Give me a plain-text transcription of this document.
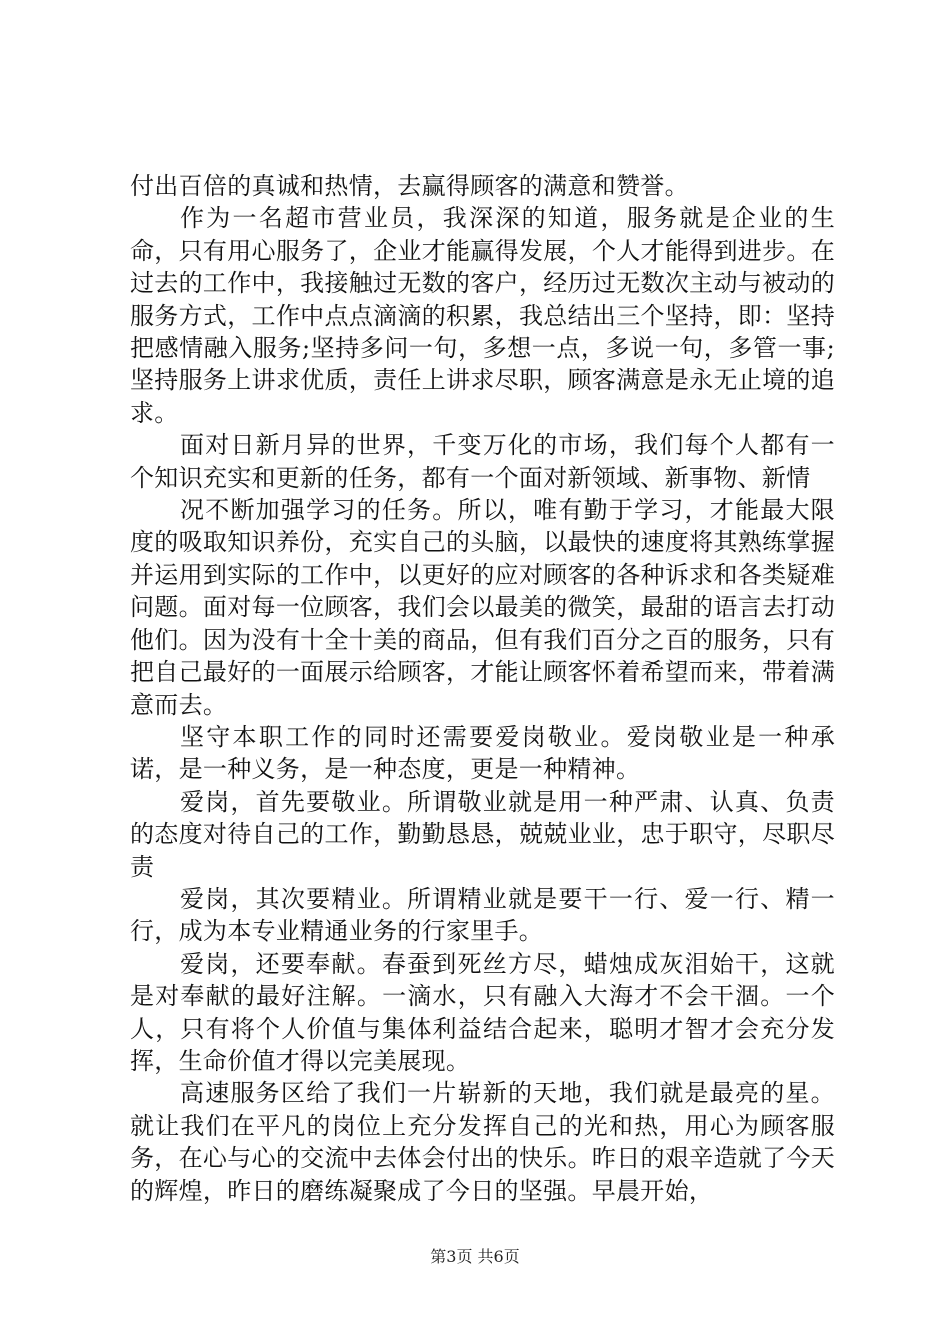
付出百倍的真诚和热情，去赢得顾客的满意和赞誉。

作为一名超市营业员，我深深的知道，服务就是企业的生命，只有用心服务了，企业才能赢得发展，个人才能得到进步。在过去的工作中，我接触过无数的客户，经历过无数次主动与被动的服务方式，工作中点点滴滴的积累，我总结出三个坚持，即：坚持把感情融入服务;坚持多问一句，多想一点，多说一句，多管一事;坚持服务上讲求优质，责任上讲求尽职，顾客满意是永无止境的追求。

面对日新月异的世界，千变万化的市场，我们每个人都有一个知识充实和更新的任务，都有一个面对新领域、新事物、新情

况不断加强学习的任务。所以，唯有勤于学习，才能最大限度的吸取知识养份，充实自己的头脑，以最快的速度将其熟练掌握并运用到实际的工作中，以更好的应对顾客的各种诉求和各类疑难问题。面对每一位顾客，我们会以最美的微笑，最甜的语言去打动他们。因为没有十全十美的商品，但有我们百分之百的服务，只有把自己最好的一面展示给顾客，才能让顾客怀着希望而来，带着满意而去。

坚守本职工作的同时还需要爱岗敬业。爱岗敬业是一种承诺，是一种义务，是一种态度，更是一种精神。

爱岗，首先要敬业。所谓敬业就是用一种严肃、认真、负责的态度对待自己的工作，勤勤恳恳，兢兢业业，忠于职守，尽职尽责

爱岗，其次要精业。所谓精业就是要干一行、爱一行、精一行，成为本专业精通业务的行家里手。

爱岗，还要奉献。春蚕到死丝方尽，蜡烛成灰泪始干，这就是对奉献的最好注解。一滴水，只有融入大海才不会干涸。一个人，只有将个人价值与集体利益结合起来，聪明才智才会充分发挥，生命价值才得以完美展现。

高速服务区给了我们一片崭新的天地，我们就是最亮的星。就让我们在平凡的岗位上充分发挥自己的光和热，用心为顾客服务，在心与心的交流中去体会付出的快乐。昨日的艰辛造就了今天的辉煌，昨日的磨练凝聚成了今日的坚强。早晨开始，

第3页 共6页
